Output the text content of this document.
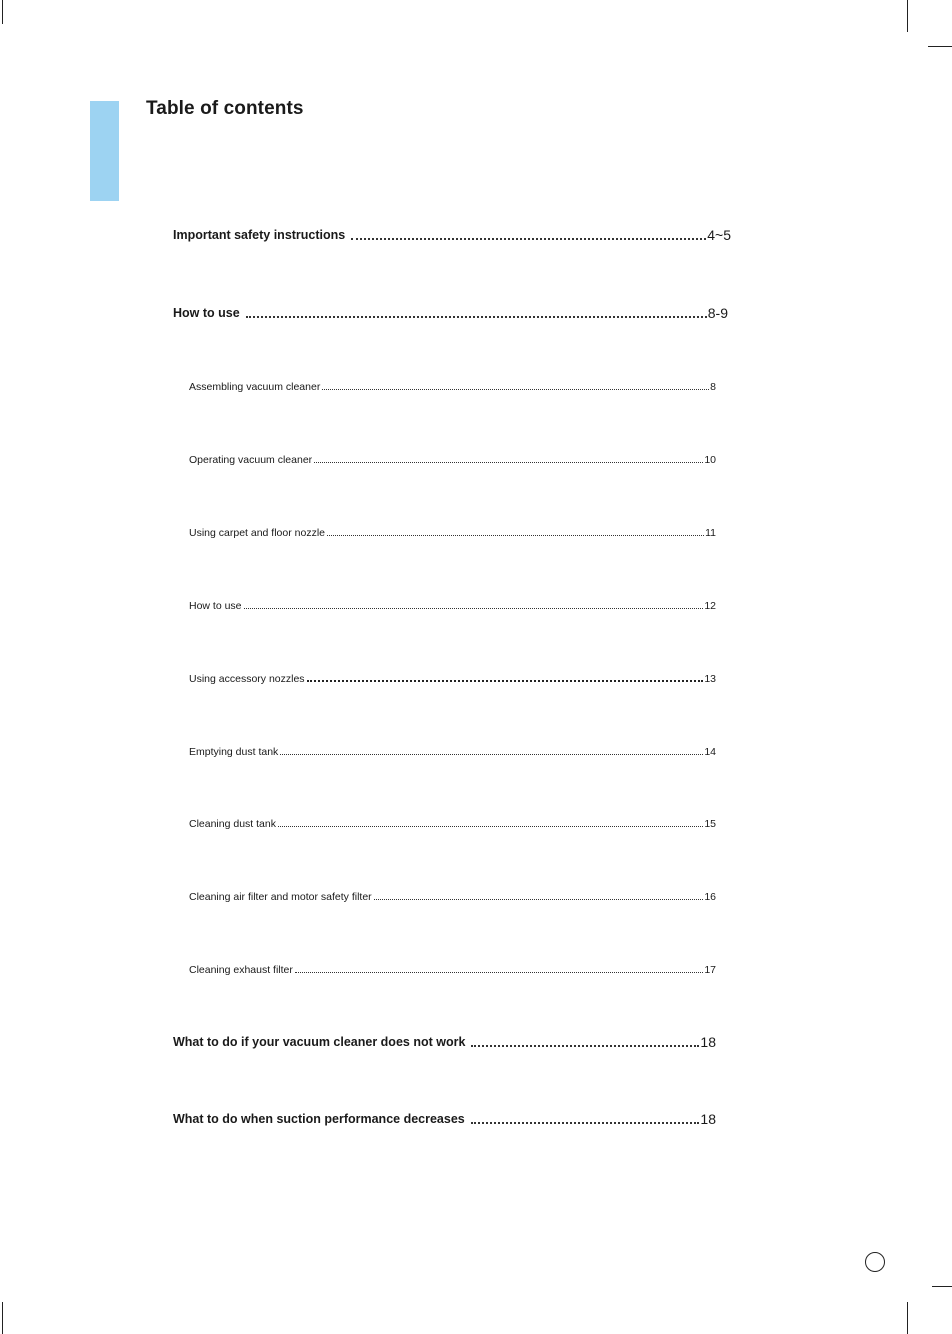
Table of contents
Important safety instructions	4~5
How to use	8-9
Assembling vacuum cleaner	8
Operating vacuum cleaner	10
Using carpet and floor nozzle	11
How to use	12
Using accessory nozzles	13
Emptying dust tank	14
Cleaning dust tank	15
Cleaning air filter and motor safety filter	16
Cleaning exhaust filter	17
What to do if your vacuum cleaner does not work	18
What to do when suction performance decreases	18
